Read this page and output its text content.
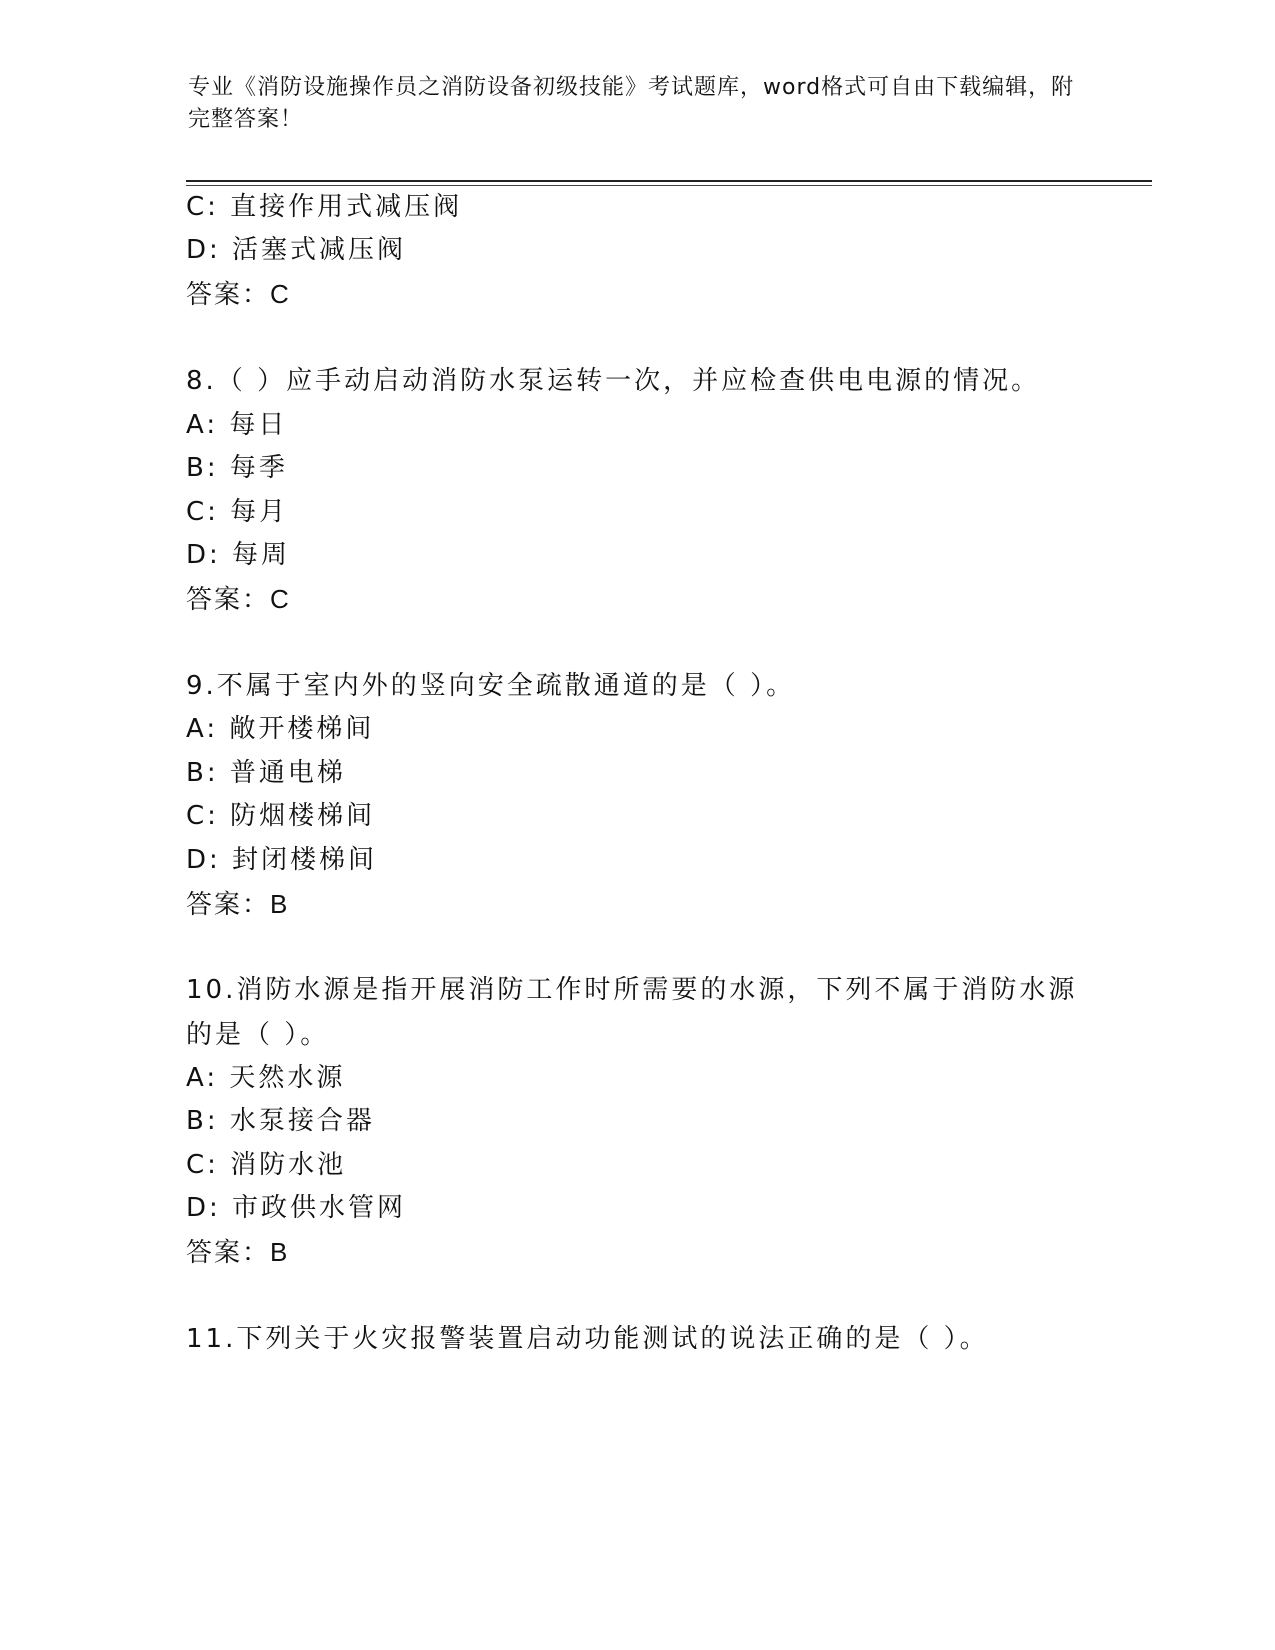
专业《消防设施操作员之消防设备初级技能》考试题库，word格式可自由下载编辑，附完整答案！
C: 直接作用式减压阀
D: 活塞式减压阀
答案：C
8.（ ）应手动启动消防水泵运转一次，并应检查供电电源的情况。
A: 每日
B: 每季
C: 每月
D: 每周
答案：C
9.不属于室内外的竖向安全疏散通道的是（ ）。
A: 敞开楼梯间
B: 普通电梯
C: 防烟楼梯间
D: 封闭楼梯间
答案：B
10.消防水源是指开展消防工作时所需要的水源，下列不属于消防水源的是（ ）。
A: 天然水源
B: 水泵接合器
C: 消防水池
D: 市政供水管网
答案：B
11.下列关于火灾报警装置启动功能测试的说法正确的是（ ）。
